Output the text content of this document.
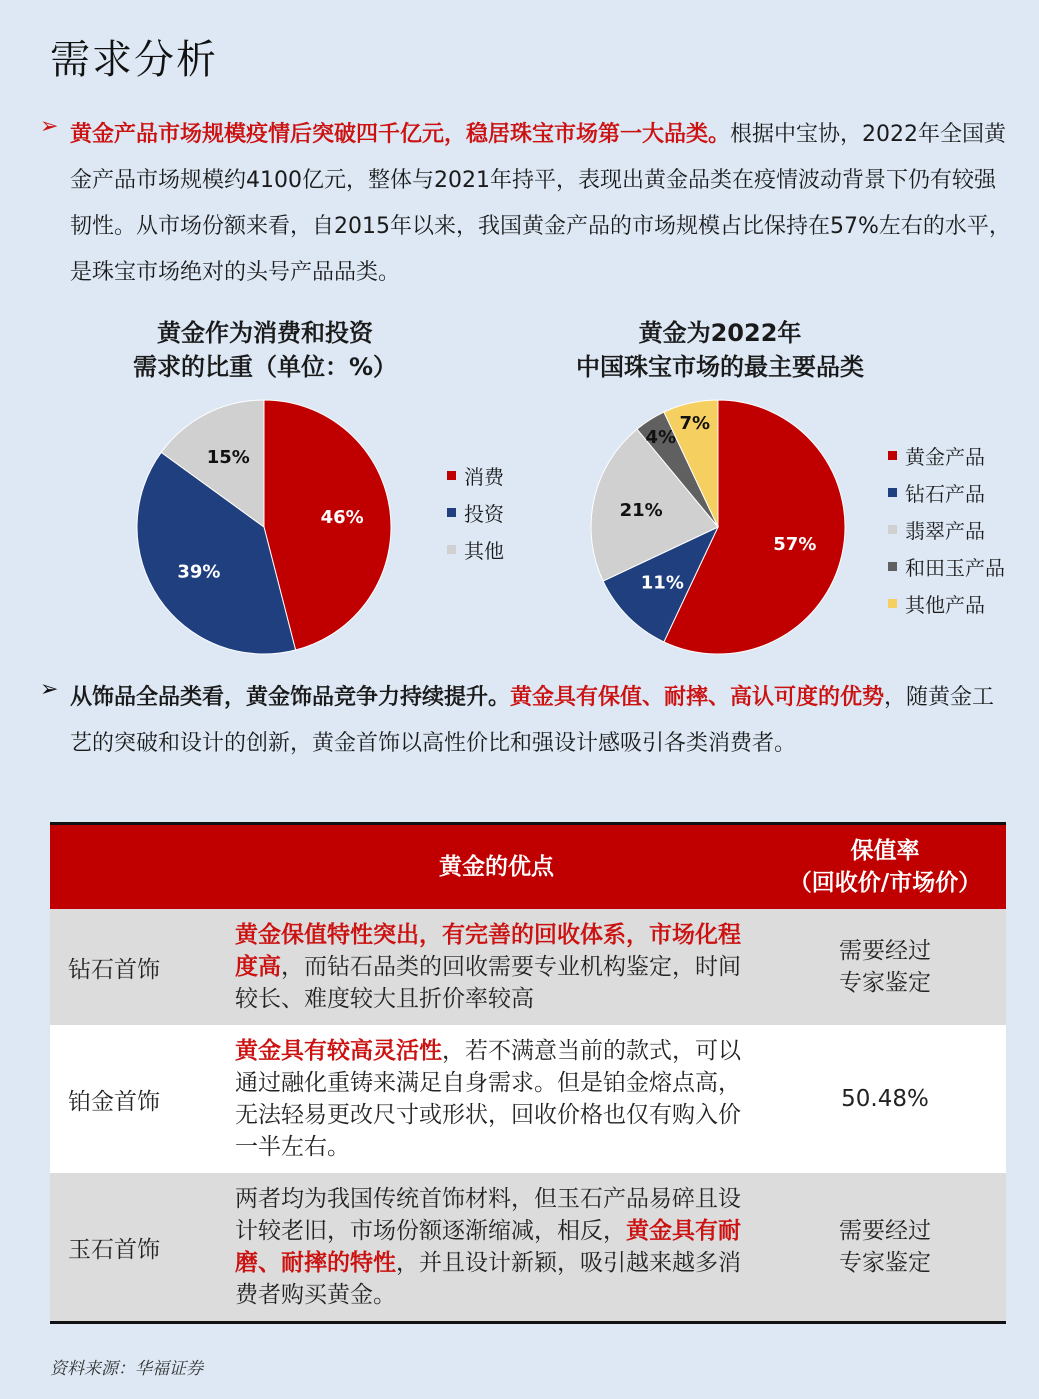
需求分析
➢ 黄金产品市场规模疫情后突破四千亿元，稳居珠宝市场第一大品类。根据中宝协，2022年全国黄金产品市场规模约4100亿元，整体与2021年持平，表现出黄金品类在疫情波动背景下仍有较强韧性。从市场份额来看，自2015年以来，我国黄金产品的市场规模占比保持在57%左右的水平，是珠宝市场绝对的头号产品品类。
黄金作为消费和投资
需求的比重（单位：%）
46%
39%
15%
消费
投资
其他
黄金为2022年
中国珠宝市场的最主要品类
57%
11%
21%
4%
7%
黄金产品
钻石产品
翡翠产品
和田玉产品
其他产品
➢ 从饰品全品类看，黄金饰品竞争力持续提升。黄金具有保值、耐摔、高认可度的优势，随黄金工艺的突破和设计的创新，黄金首饰以高性价比和强设计感吸引各类消费者。
	黄金的优点	保值率
（回收价/市场价）

钻石首饰	黄金保值特性突出，有完善的回收体系，市场化程度高，而钻石品类的回收需要专业机构鉴定，时间较长、难度较大且折价率较高	需要经过
专家鉴定

铂金首饰	黄金具有较高灵活性，若不满意当前的款式，可以通过融化重铸来满足自身需求。但是铂金熔点高，无法轻易更改尺寸或形状，回收价格也仅有购入价一半左右。	50.48%
玉石首饰	两者均为我国传统首饰材料，但玉石产品易碎且设计较老旧，市场份额逐渐缩减，相反，黄金具有耐磨、耐摔的特性，并且设计新颖，吸引越来越多消费者购买黄金。	需要经过
专家鉴定
资料来源：华福证券
